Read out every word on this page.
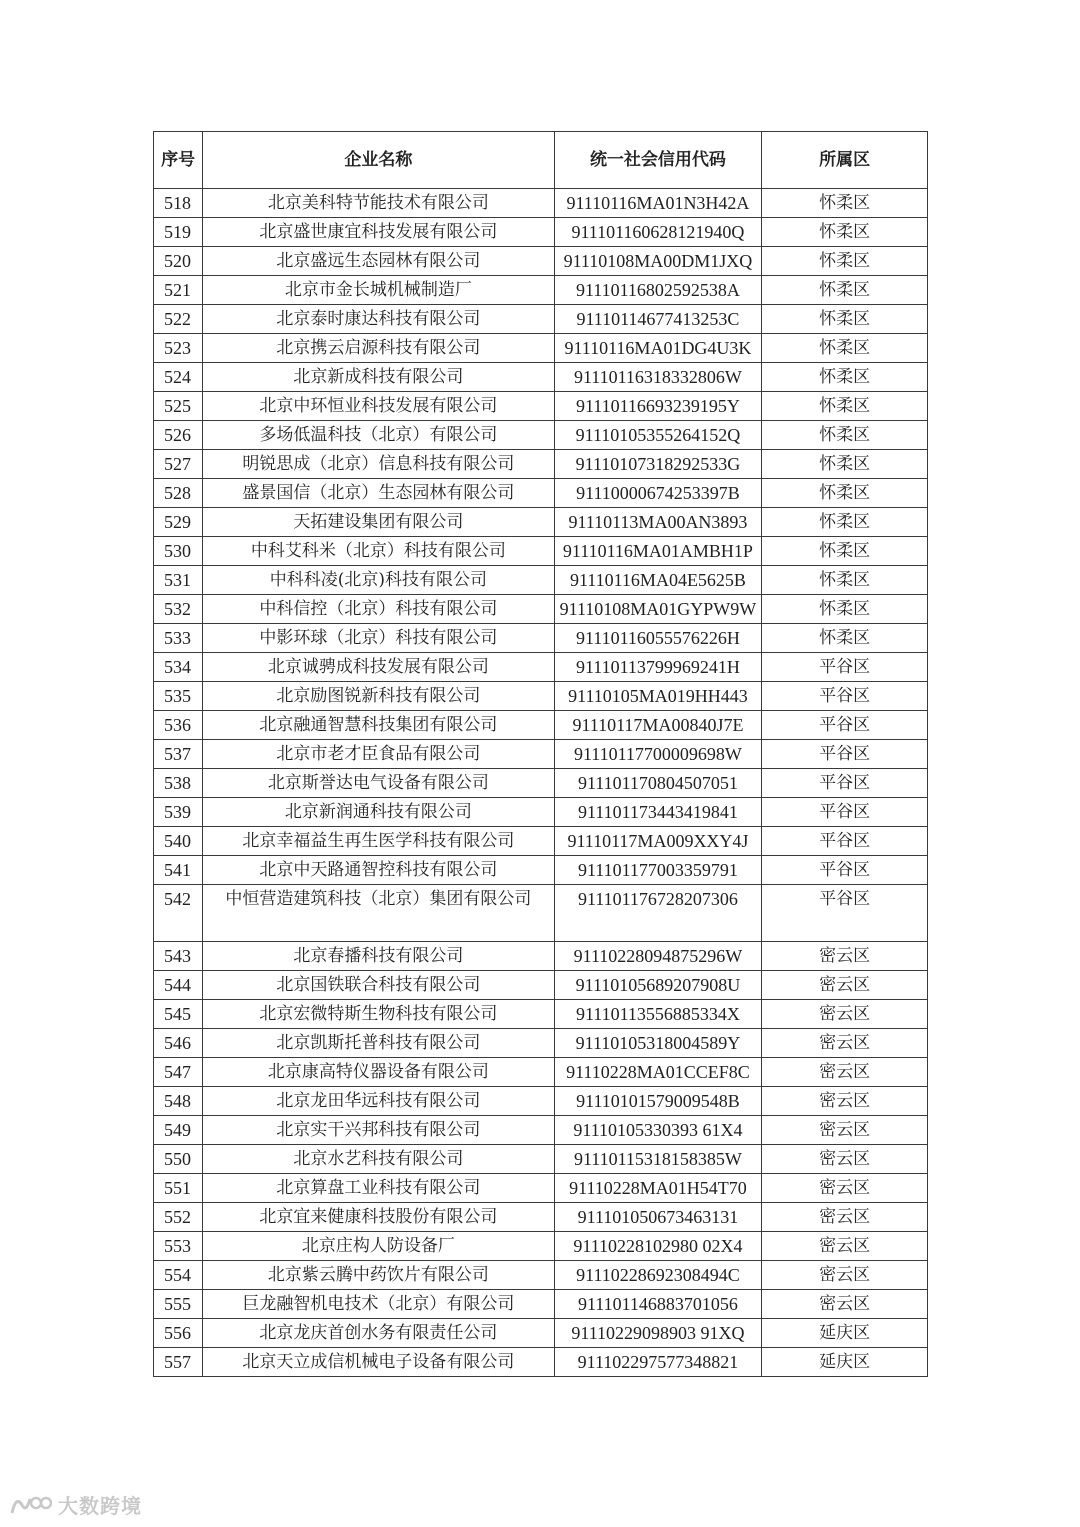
序号	企业名称	统一社会信用代码	所属区
518	北京美科特节能技术有限公司	91110116MA01N3H42A	怀柔区
519	北京盛世康宜科技发展有限公司	911101160628121940Q	怀柔区
520	北京盛远生态园林有限公司	91110108MA00DM1JXQ	怀柔区
521	北京市金长城机械制造厂	91110116802592538A	怀柔区
522	北京泰时康达科技有限公司	91110114677413253C	怀柔区
523	北京携云启源科技有限公司	91110116MA01DG4U3K	怀柔区
524	北京新成科技有限公司	91110116318332806W	怀柔区
525	北京中环恒业科技发展有限公司	91110116693239195Y	怀柔区
526	多场低温科技（北京）有限公司	91110105355264152Q	怀柔区
527	明锐思成（北京）信息科技有限公司	91110107318292533G	怀柔区
528	盛景国信（北京）生态园林有限公司	91110000674253397B	怀柔区
529	天拓建设集团有限公司	91110113MA00AN3893	怀柔区
530	中科艾科米（北京）科技有限公司	91110116MA01AMBH1P	怀柔区
531	中科科凌(北京)科技有限公司	91110116MA04E5625B	怀柔区
532	中科信控（北京）科技有限公司	91110108MA01GYPW9W	怀柔区
533	中影环球（北京）科技有限公司	91110116055576226H	怀柔区
534	北京诚骋成科技发展有限公司	91110113799969241H	平谷区
535	北京励图锐新科技有限公司	91110105MA019HH443	平谷区
536	北京融通智慧科技集团有限公司	91110117MA00840J7E	平谷区
537	北京市老才臣食品有限公司	91110117700009698W	平谷区
538	北京斯誉达电气设备有限公司	911101170804507051	平谷区
539	北京新润通科技有限公司	911101173443419841	平谷区
540	北京幸福益生再生医学科技有限公司	91110117MA009XXY4J	平谷区
541	北京中天路通智控科技有限公司	911101177003359791	平谷区
542	中恒营造建筑科技（北京）集团有限公司	911101176728207306	平谷区
543	北京春播科技有限公司	91110228094875296W	密云区
544	北京国铁联合科技有限公司	91110105689207908U	密云区
545	北京宏微特斯生物科技有限公司	91110113556885334X	密云区
546	北京凯斯托普科技有限公司	91110105318004589Y	密云区
547	北京康高特仪器设备有限公司	91110228MA01CCEF8C	密云区
548	北京龙田华远科技有限公司	91110101579009548B	密云区
549	北京实干兴邦科技有限公司	91110105330393 61X4	密云区
550	北京水艺科技有限公司	91110115318158385W	密云区
551	北京算盘工业科技有限公司	91110228MA01H54T70	密云区
552	北京宜来健康科技股份有限公司	911101050673463131	密云区
553	北京庄构人防设备厂	91110228102980 02X4	密云区
554	北京紫云腾中药饮片有限公司	91110228692308494C	密云区
555	巨龙融智机电技术（北京）有限公司	911101146883701056	密云区
556	北京龙庆首创水务有限责任公司	91110229098903 91XQ	延庆区
557	北京天立成信机械电子设备有限公司	911102297577348821	延庆区
大数跨境
